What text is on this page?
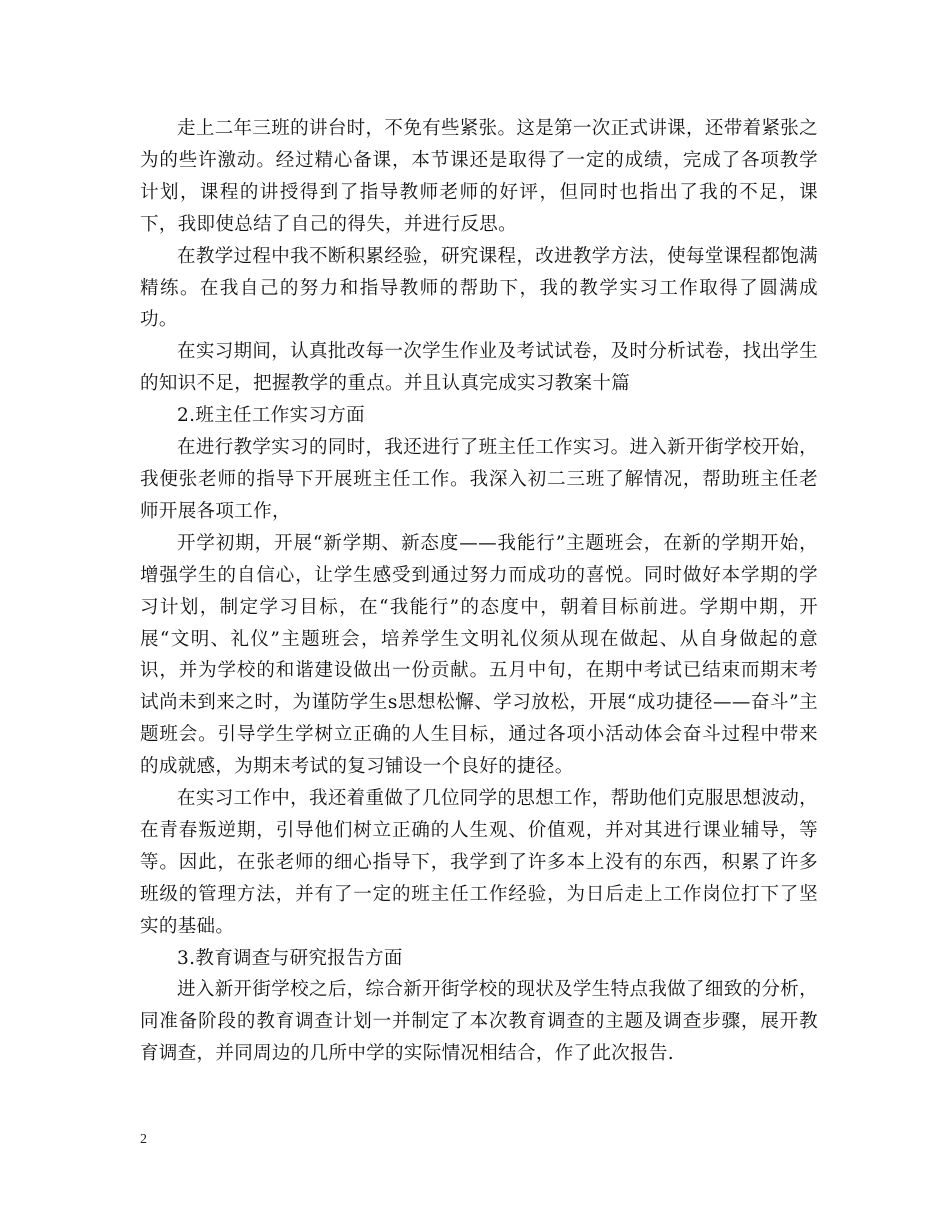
走上二年三班的讲台时，不免有些紧张。这是第一次正式讲课，还带着紧张之为的些许激动。经过精心备课，本节课还是取得了一定的成绩，完成了各项教学计划，课程的讲授得到了指导教师老师的好评，但同时也指出了我的不足，课下，我即使总结了自己的得失，并进行反思。

在教学过程中我不断积累经验，研究课程，改进教学方法，使每堂课程都饱满精练。在我自己的努力和指导教师的帮助下，我的教学实习工作取得了圆满成功。

在实习期间，认真批改每一次学生作业及考试试卷，及时分析试卷，找出学生的知识不足，把握教学的重点。并且认真完成实习教案十篇

2.班主任工作实习方面

在进行教学实习的同时，我还进行了班主任工作实习。进入新开街学校开始，我便张老师的指导下开展班主任工作。我深入初二三班了解情况，帮助班主任老师开展各项工作，

开学初期，开展“新学期、新态度——我能行”主题班会，在新的学期开始，增强学生的自信心，让学生感受到通过努力而成功的喜悦。同时做好本学期的学习计划，制定学习目标，在“我能行”的态度中，朝着目标前进。学期中期，开展“文明、礼仪”主题班会，培养学生文明礼仪须从现在做起、从自身做起的意识，并为学校的和谐建设做出一份贡献。五月中旬，在期中考试已结束而期末考试尚未到来之时，为谨防学生s思想松懈、学习放松，开展“成功捷径——奋斗”主题班会。引导学生学树立正确的人生目标，通过各项小活动体会奋斗过程中带来的成就感，为期末考试的复习铺设一个良好的捷径。

在实习工作中，我还着重做了几位同学的思想工作，帮助他们克服思想波动，在青春叛逆期，引导他们树立正确的人生观、价值观，并对其进行课业辅导，等等。因此，在张老师的细心指导下，我学到了许多本上没有的东西，积累了许多班级的管理方法，并有了一定的班主任工作经验，为日后走上工作岗位打下了坚实的基础。

3.教育调查与研究报告方面

进入新开街学校之后，综合新开街学校的现状及学生特点我做了细致的分析，同准备阶段的教育调查计划一并制定了本次教育调查的主题及调查步骤，展开教育调查，并同周边的几所中学的实际情况相结合，作了此次报告.

2
